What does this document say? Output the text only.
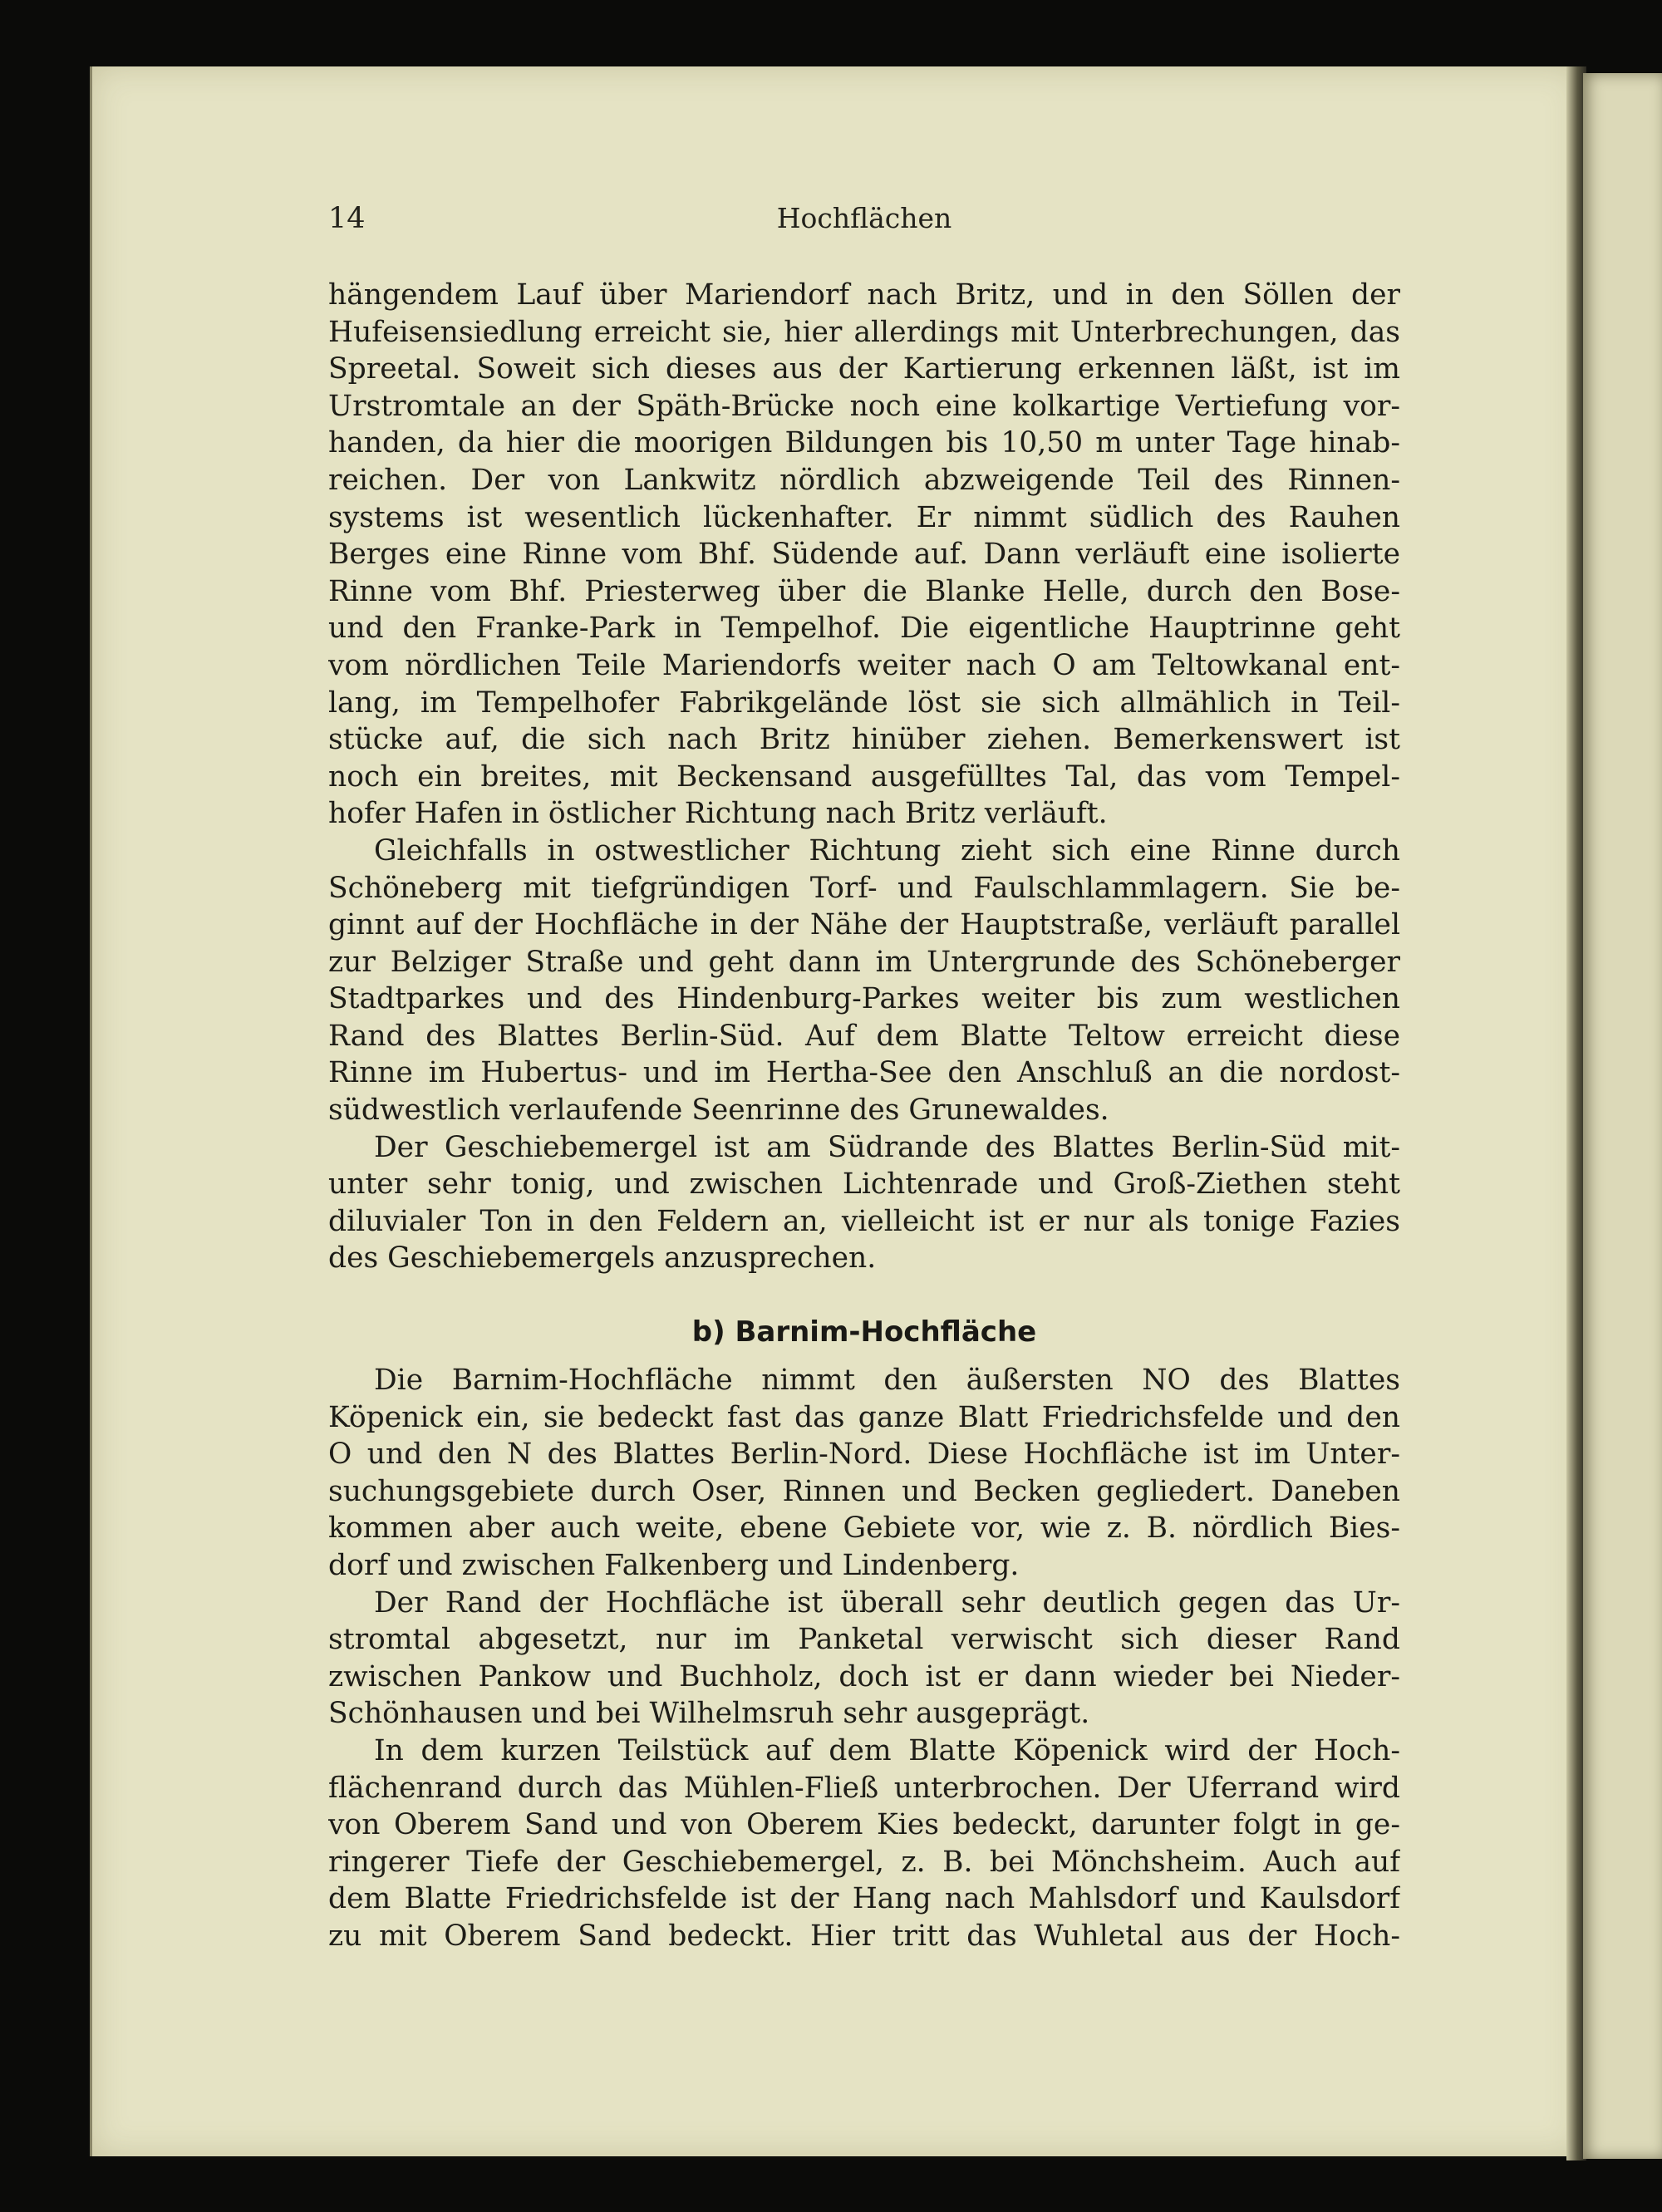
14	Hochflächen
hängendem Lauf über Mariendorf nach Britz, und in den Söllen der
Hufeisensiedlung erreicht sie, hier allerdings mit Unterbrechungen, das
Spreetal. Soweit sich dieses aus der Kartierung erkennen läßt, ist im
Urstromtale an der Späth-Brücke noch eine kolkartige Vertiefung vor-
handen, da hier die moorigen Bildungen bis 10,50 m unter Tage hinab-
reichen. Der von Lankwitz nördlich abzweigende Teil des Rinnen-
systems ist wesentlich lückenhafter. Er nimmt südlich des Rauhen
Berges eine Rinne vom Bhf. Südende auf. Dann verläuft eine isolierte
Rinne vom Bhf. Priesterweg über die Blanke Helle, durch den Bose-
und den Franke-Park in Tempelhof. Die eigentliche Hauptrinne geht
vom nördlichen Teile Mariendorfs weiter nach O am Teltowkanal ent-
lang, im Tempelhofer Fabrikgelände löst sie sich allmählich in Teil-
stücke auf, die sich nach Britz hinüber ziehen. Bemerkenswert ist
noch ein breites, mit Beckensand ausgefülltes Tal, das vom Tempel-
hofer Hafen in östlicher Richtung nach Britz verläuft.
Gleichfalls in ostwestlicher Richtung zieht sich eine Rinne durch
Schöneberg mit tiefgründigen Torf- und Faulschlammlagern. Sie be-
ginnt auf der Hochfläche in der Nähe der Hauptstraße, verläuft parallel
zur Belziger Straße und geht dann im Untergrunde des Schöneberger
Stadtparkes und des Hindenburg-Parkes weiter bis zum westlichen
Rand des Blattes Berlin-Süd. Auf dem Blatte Teltow erreicht diese
Rinne im Hubertus- und im Hertha-See den Anschluß an die nordost-
südwestlich verlaufende Seenrinne des Grunewaldes.
Der Geschiebemergel ist am Südrande des Blattes Berlin-Süd mit-
unter sehr tonig, und zwischen Lichtenrade und Groß-Ziethen steht
diluvialer Ton in den Feldern an, vielleicht ist er nur als tonige Fazies
des Geschiebemergels anzusprechen.
b) Barnim-Hochfläche
Die Barnim-Hochfläche nimmt den äußersten NO des Blattes
Köpenick ein, sie bedeckt fast das ganze Blatt Friedrichsfelde und den
O und den N des Blattes Berlin-Nord. Diese Hochfläche ist im Unter-
suchungsgebiete durch Oser, Rinnen und Becken gegliedert. Daneben
kommen aber auch weite, ebene Gebiete vor, wie z. B. nördlich Bies-
dorf und zwischen Falkenberg und Lindenberg.
Der Rand der Hochfläche ist überall sehr deutlich gegen das Ur-
stromtal abgesetzt, nur im Panketal verwischt sich dieser Rand
zwischen Pankow und Buchholz, doch ist er dann wieder bei Nieder-
Schönhausen und bei Wilhelmsruh sehr ausgeprägt.
In dem kurzen Teilstück auf dem Blatte Köpenick wird der Hoch-
flächenrand durch das Mühlen-Fließ unterbrochen. Der Uferrand wird
von Oberem Sand und von Oberem Kies bedeckt, darunter folgt in ge-
ringerer Tiefe der Geschiebemergel, z. B. bei Mönchsheim. Auch auf
dem Blatte Friedrichsfelde ist der Hang nach Mahlsdorf und Kaulsdorf
zu mit Oberem Sand bedeckt. Hier tritt das Wuhletal aus der Hoch-
